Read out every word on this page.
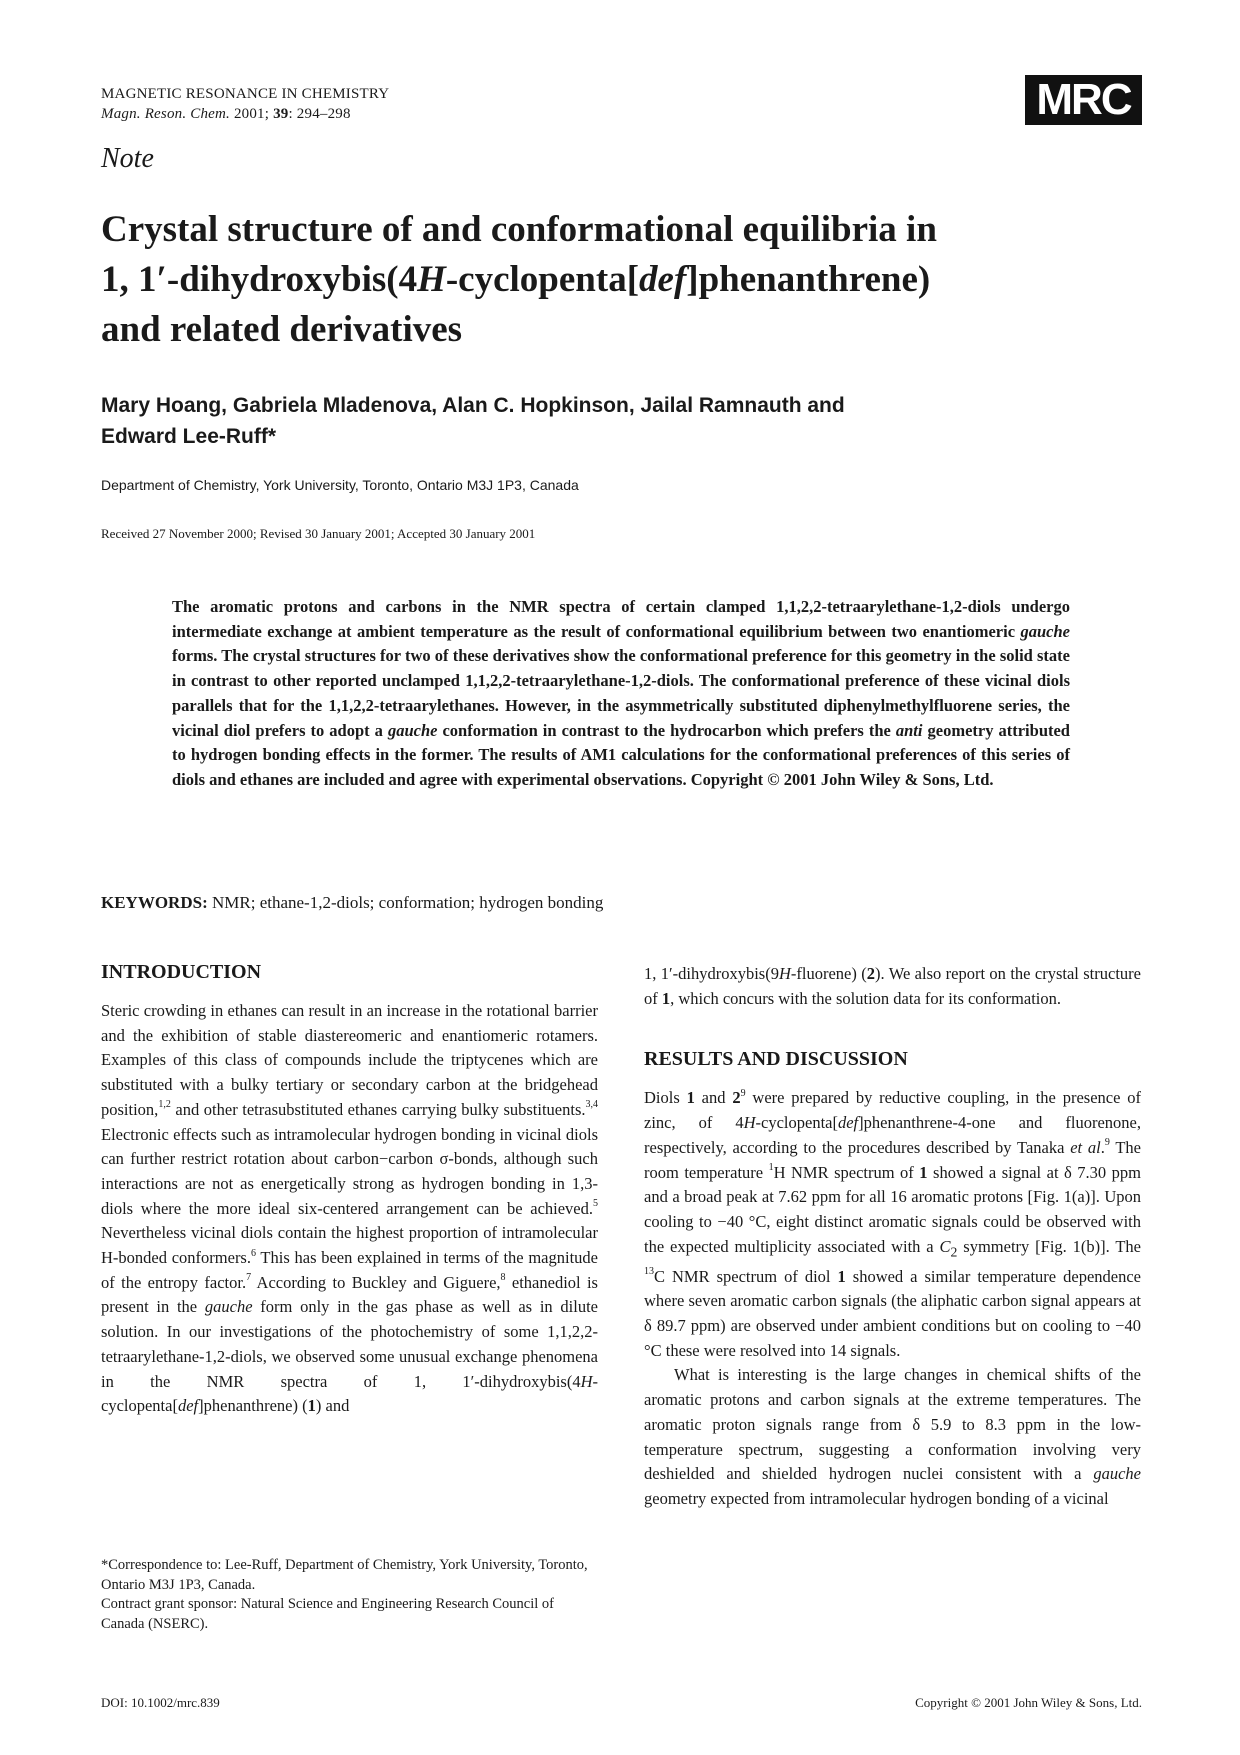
MAGNETIC RESONANCE IN CHEMISTRY
Magn. Reson. Chem. 2001; 39: 294–298	MRC
Note
Crystal structure of and conformational equilibria in
1, 1′-dihydroxybis(4H-cyclopenta[def]phenanthrene)
and related derivatives
Mary Hoang, Gabriela Mladenova, Alan C. Hopkinson, Jailal Ramnauth and
Edward Lee-Ruff*
Department of Chemistry, York University, Toronto, Ontario M3J 1P3, Canada
Received 27 November 2000; Revised 30 January 2001; Accepted 30 January 2001
The aromatic protons and carbons in the NMR spectra of certain clamped 1,1,2,2-tetraarylethane-1,2-diols undergo intermediate exchange at ambient temperature as the result of conformational equilibrium between two enantiomeric gauche forms. The crystal structures for two of these derivatives show the conformational preference for this geometry in the solid state in contrast to other reported unclamped 1,1,2,2-tetraarylethane-1,2-diols. The conformational preference of these vicinal diols parallels that for the 1,1,2,2-tetraarylethanes. However, in the asymmetrically substituted diphenylmethylfluorene series, the vicinal diol prefers to adopt a gauche conformation in contrast to the hydrocarbon which prefers the anti geometry attributed to hydrogen bonding effects in the former. The results of AM1 calculations for the conformational preferences of this series of diols and ethanes are included and agree with experimental observations. Copyright © 2001 John Wiley & Sons, Ltd.
KEYWORDS: NMR; ethane-1,2-diols; conformation; hydrogen bonding
INTRODUCTION

Steric crowding in ethanes can result in an increase in the rotational barrier and the exhibition of stable diastereomeric and enantiomeric rotamers. Examples of this class of compounds include the triptycenes which are substituted with a bulky tertiary or secondary carbon at the bridgehead position,$^{1,2}$ and other tetrasubstituted ethanes carrying bulky substituents.$^{3,4}$ Electronic effects such as intramolecular hydrogen bonding in vicinal diols can further restrict rotation about carbon−carbon σ-bonds, although such interactions are not as energetically strong as hydrogen bonding in 1,3-diols where the more ideal six-centered arrangement can be achieved.$^5$ Nevertheless vicinal diols contain the highest proportion of intramolecular H-bonded conformers.$^6$ This has been explained in terms of the magnitude of the entropy factor.$^7$ According to Buckley and Giguere,$^8$ ethanediol is present in the gauche form only in the gas phase as well as in dilute solution. In our investigations of the photochemistry of some 1,1,2,2-tetraarylethane-1,2-diols, we observed some unusual exchange phenomena in the NMR spectra of 1, 1′-dihydroxybis(4H-cyclopenta[def]phenanthrene) (1) and

1, 1′-dihydroxybis(9H-fluorene) (2). We also report on the crystal structure of 1, which concurs with the solution data for its conformation.

RESULTS AND DISCUSSION

Diols 1 and $2^9$ were prepared by reductive coupling, in the presence of zinc, of 4H-cyclopenta[def]phenanthrene-4-one and fluorenone, respectively, according to the procedures described by Tanaka et al.$^9$ The room temperature $^1$H NMR spectrum of 1 showed a signal at δ 7.30 ppm and a broad peak at 7.62 ppm for all 16 aromatic protons [Fig. 1(a)]. Upon cooling to −40 °C, eight distinct aromatic signals could be observed with the expected multiplicity associated with a $C_2$ symmetry [Fig. 1(b)]. The $^{13}$C NMR spectrum of diol 1 showed a similar temperature dependence where seven aromatic carbon signals (the aliphatic carbon signal appears at δ 89.7 ppm) are observed under ambient conditions but on cooling to −40 °C these were resolved into 14 signals.

What is interesting is the large changes in chemical shifts of the aromatic protons and carbon signals at the extreme temperatures. The aromatic proton signals range from δ 5.9 to 8.3 ppm in the low-temperature spectrum, suggesting a conformation involving very deshielded and shielded hydrogen nuclei consistent with a gauche geometry expected from intramolecular hydrogen bonding of a vicinal

*Correspondence to: Lee-Ruff, Department of Chemistry, York University, Toronto, Ontario M3J 1P3, Canada.
Contract grant sponsor: Natural Science and Engineering Research Council of Canada (NSERC).
DOI: 10.1002/mrc.839	Copyright © 2001 John Wiley & Sons, Ltd.
